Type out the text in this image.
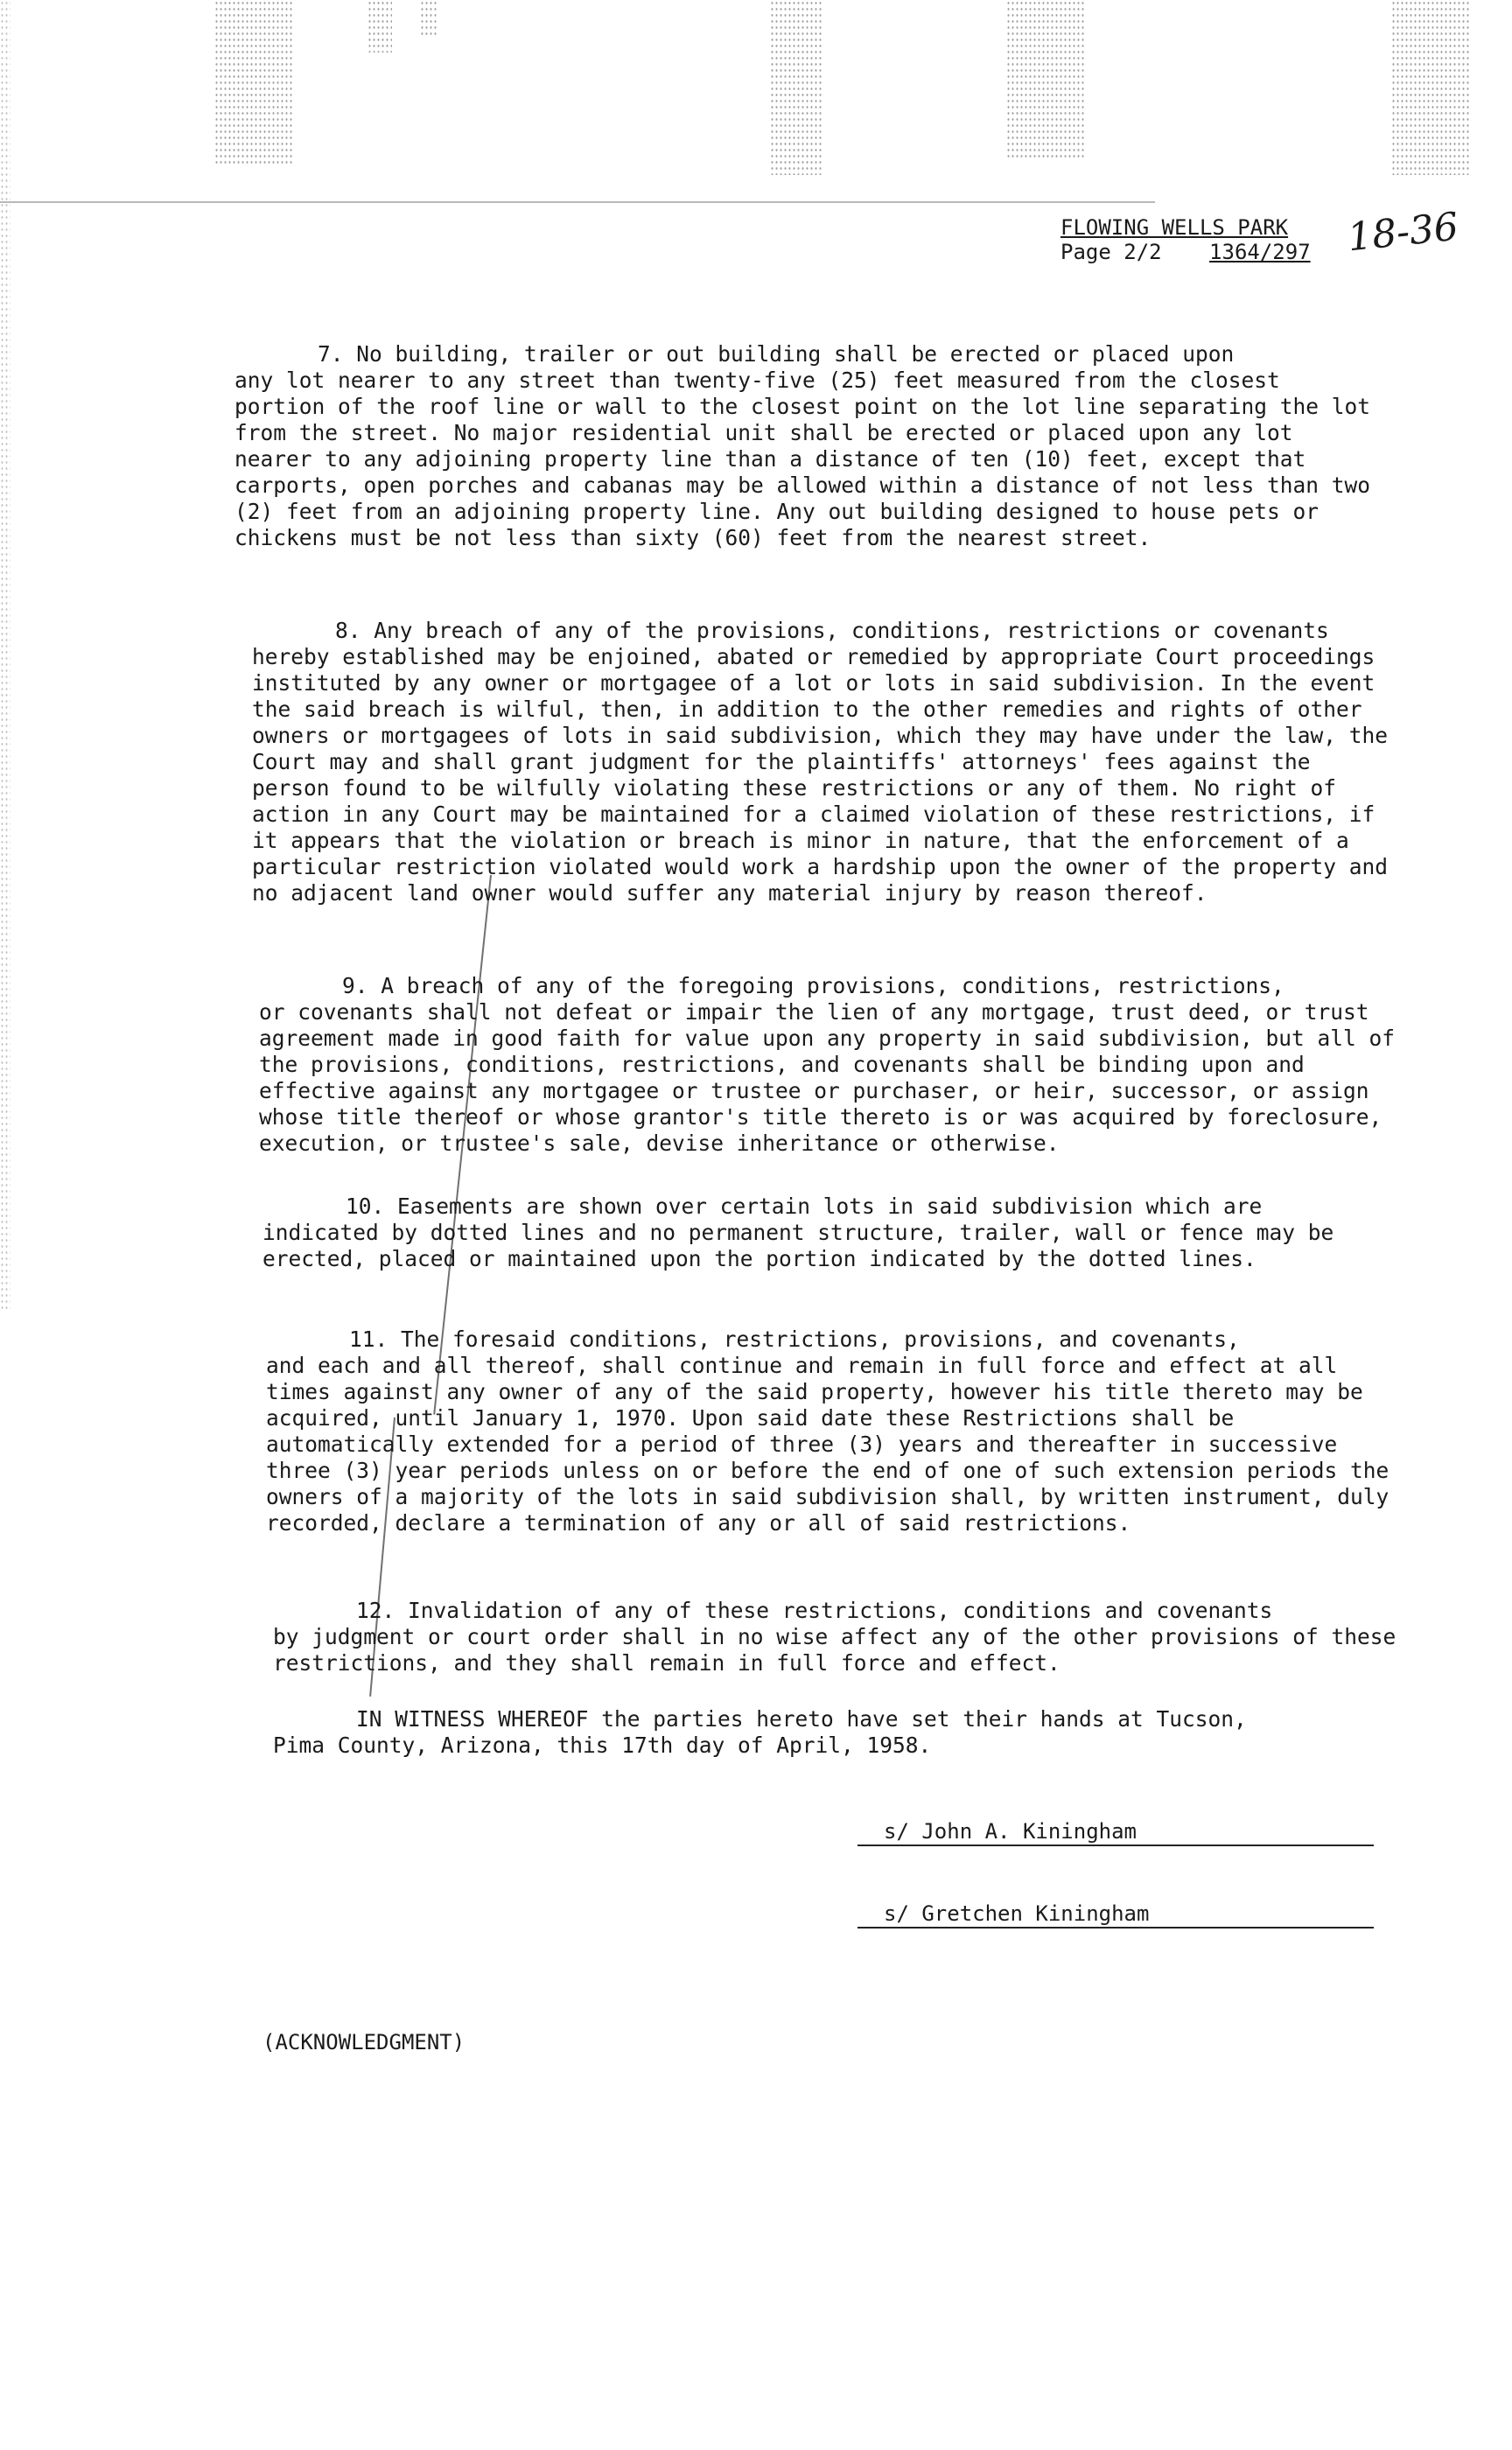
FLOWING WELLS PARK
Page 2/2 1364/297 18-36
7. No building, trailer or out building shall be erected or placed upon
any lot nearer to any street than twenty-five (25) feet measured from the closest portion of the roof line or wall to the closest point on the lot line separating the lot from the street. No major residential unit shall be erected or placed upon any lot nearer to any adjoining property line than a distance of ten (10) feet, except that carports, open porches and cabanas may be allowed within a distance of not less than two (2) feet from an adjoining property line. Any out building designed to house pets or chickens must be not less than sixty (60) feet from the nearest street.
8. Any breach of any of the provisions, conditions, restrictions or covenants
hereby established may be enjoined, abated or remedied by appropriate Court proceedings instituted by any owner or mortgagee of a lot or lots in said subdivision. In the event the said breach is wilful, then, in addition to the other remedies and rights of other owners or mortgagees of lots in said subdivision, which they may have under the law, the Court may and shall grant judgment for the plaintiffs' attorneys' fees against the person found to be wilfully violating these restrictions or any of them. No right of action in any Court may be maintained for a claimed violation of these restrictions, if it appears that the violation or breach is minor in nature, that the enforcement of a particular restriction violated would work a hardship upon the owner of the property and no adjacent land owner would suffer any material injury by reason thereof.
9. A breach of any of the foregoing provisions, conditions, restrictions,
or covenants shall not defeat or impair the lien of any mortgage, trust deed, or trust agreement made in good faith for value upon any property in said subdivision, but all of the provisions, conditions, restrictions, and covenants shall be binding upon and effective against any mortgagee or trustee or purchaser, or heir, successor, or assign whose title thereof or whose grantor's title thereto is or was acquired by foreclosure, execution, or trustee's sale, devise inheritance or otherwise.
10. Easements are shown over certain lots in said subdivision which are
indicated by dotted lines and no permanent structure, trailer, wall or fence may be erected, placed or maintained upon the portion indicated by the dotted lines.
11. The foresaid conditions, restrictions, provisions, and covenants,
and each and all thereof, shall continue and remain in full force and effect at all times against any owner of any of the said property, however his title thereto may be acquired, until January 1, 1970. Upon said date these Restrictions shall be automatically extended for a period of three (3) years and thereafter in successive three (3) year periods unless on or before the end of one of such extension periods the owners of a majority of the lots in said subdivision shall, by written instrument, duly recorded, declare a termination of any or all of said restrictions.
12. Invalidation of any of these restrictions, conditions and covenants
by judgment or court order shall in no wise affect any of the other provisions of these restrictions, and they shall remain in full force and effect.
IN WITNESS WHEREOF the parties hereto have set their hands at Tucson,
Pima County, Arizona, this 17th day of April, 1958.
s/ John A. Kiningham
s/ Gretchen Kiningham
(ACKNOWLEDGMENT)
